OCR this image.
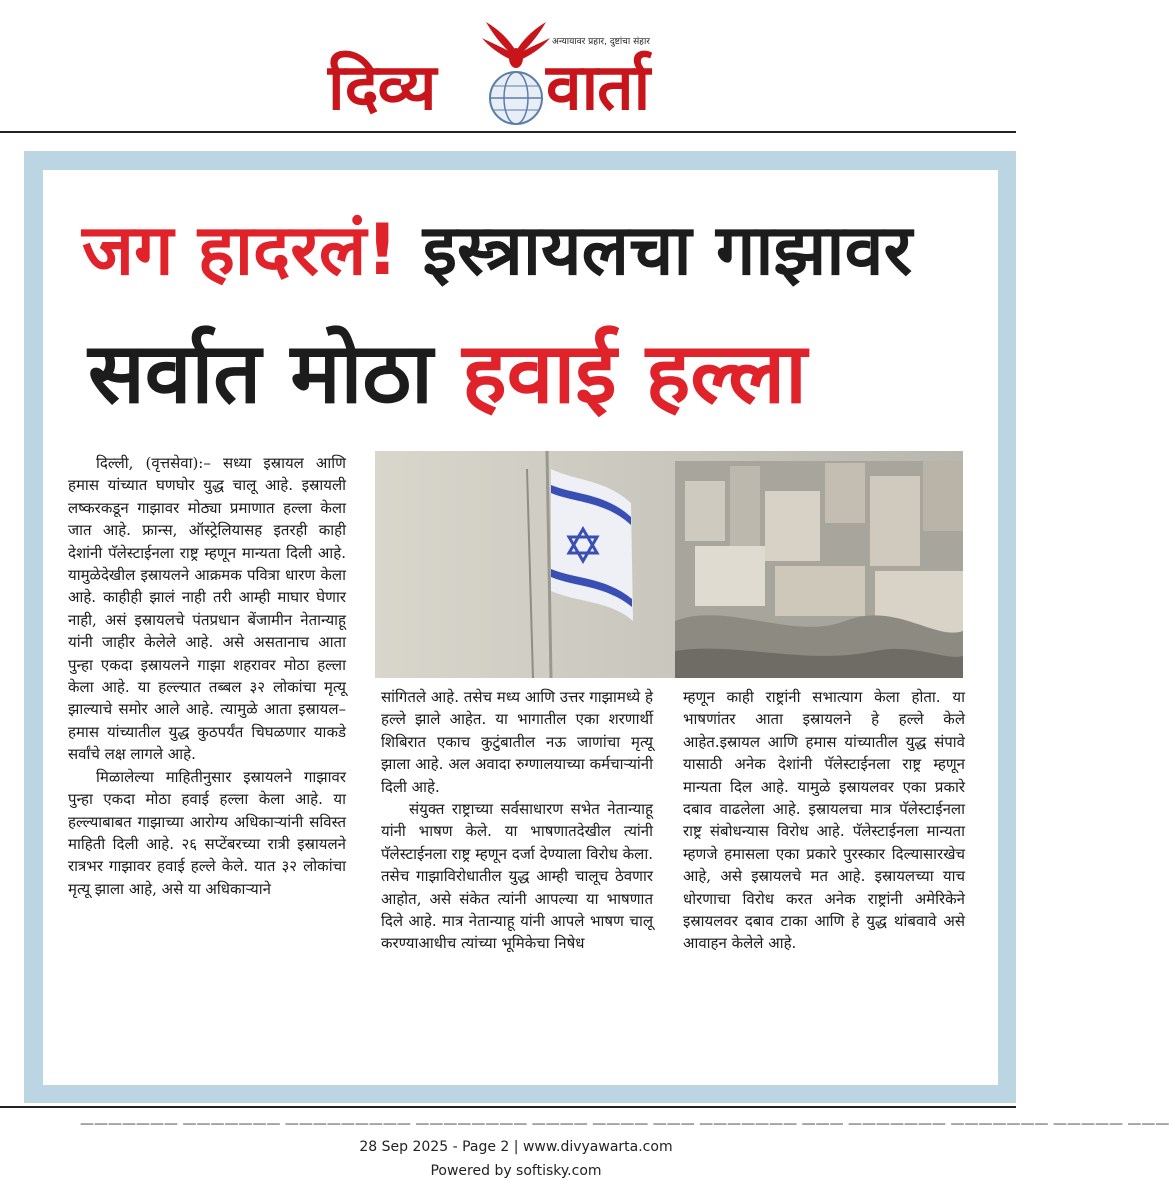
दिव्य वार्ता
अन्यायावर प्रहार, दुष्टांचा संहार
जग हादरलं! इस्त्रायलचा गाझावर
सर्वात मोठा हवाई हल्ला

दिल्ली, (वृत्तसेवा):– सध्या इस्रायल आणि हमास यांच्यात घणघोर युद्ध चालू आहे. इस्रायली लष्करकडून गाझावर मोठ्या प्रमाणात हल्ला केला जात आहे. फ्रान्स, ऑस्ट्रेलियासह इतरही काही देशांनी पॅलेस्टाईनला राष्ट्र म्हणून मान्यता दिली आहे. यामुळेदेखील इस्रायलने आक्रमक पवित्रा धारण केला आहे. काहीही झालं नाही तरी आम्ही माघार घेणार नाही, असं इस्रायलचे पंतप्रधान बेंजामीन नेतान्याहू यांनी जाहीर केलेले आहे. असे असतानाच आता पुन्हा एकदा इस्रायलने गाझा शहरावर मोठा हल्ला केला आहे. या हल्ल्यात तब्बल ३२ लोकांचा मृत्यू झाल्याचे समोर आले आहे. त्यामुळे आता इस्रायल–हमास यांच्यातील युद्ध कुठपर्यंत चिघळणार याकडे सर्वांचे लक्ष लागले आहे.

मिळालेल्या माहितीनुसार इस्रायलने गाझावर पुन्हा एकदा मोठा हवाई हल्ला केला आहे. या हल्ल्याबाबत गाझाच्या आरोग्य अधिकाऱ्यांनी सविस्त माहिती दिली आहे. २६ सप्टेंबरच्या रात्री इस्रायलने रात्रभर गाझावर हवाई हल्ले केले. यात ३२ लोकांचा मृत्यू झाला आहे, असे या अधिकाऱ्याने

सांगितले आहे. तसेच मध्य आणि उत्तर गाझामध्ये हे हल्ले झाले आहेत. या भागातील एका शरणार्थी शिबिरात एकाच कुटुंबातील नऊ जाणांचा मृत्यू झाला आहे. अल अवादा रुग्णालयाच्या कर्मचाऱ्यांनी दिली आहे.

संयुक्त राष्ट्राच्या सर्वसाधारण सभेत नेतान्याहू यांनी भाषण केले. या भाषणातदेखील त्यांनी पॅलेस्टाईनला राष्ट्र म्हणून दर्जा देण्याला विरोध केला. तसेच गाझाविरोधातील युद्ध आम्ही चालूच ठेवणार आहोत, असे संकेत त्यांनी आपल्या या भाषणात दिले आहे. मात्र नेतान्याहू यांनी आपले भाषण चालू करण्याआधीच त्यांच्या भूमिकेचा निषेध

म्हणून काही राष्ट्रांनी सभात्याग केला होता. या भाषणांतर आता इस्रायलने हे हल्ले केले आहेत.इस्रायल आणि हमास यांच्यातील युद्ध संपावे यासाठी अनेक देशांनी पॅलेस्टाईनला राष्ट्र म्हणून मान्यता दिल आहे. यामुळे इस्रायलवर एका प्रकारे दबाव वाढलेला आहे. इस्रायलचा मात्र पॅलेस्टाईनला राष्ट्र संबोधन्यास विरोध आहे. पॅलेस्टाईनला मान्यता म्हणजे हमासला एका प्रकारे पुरस्कार दिल्यासारखेच आहे, असे इस्रायलचे मत आहे. इस्रायलच्या याच धोरणाचा विरोध करत अनेक राष्ट्रांनी अमेरिकेने इस्रायलवर दबाव टाका आणि हे युद्ध थांबवावे असे आवाहन केलेले आहे.

——————— ——————— ————————— ———————— ———— ———— ——— ——————— ——— ——————— ——————— ————— ———
28 Sep 2025 - Page 2 | www.divyawarta.com
Powered by softisky.com
